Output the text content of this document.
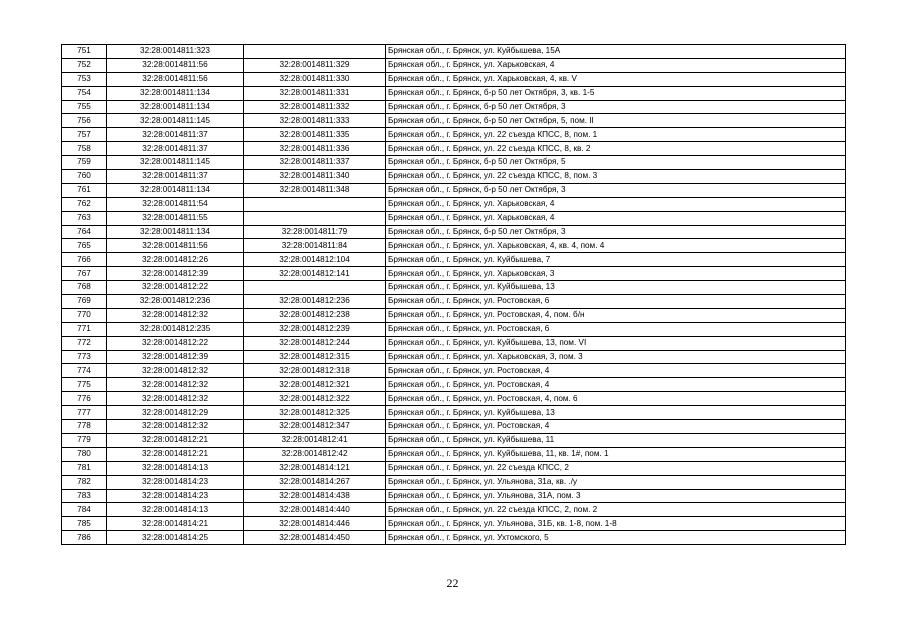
751	32:28:0014811:323		Брянская обл., г. Брянск, ул. Куйбышева, 15А
752	32:28:0014811:56	32:28:0014811:329	Брянская обл., г. Брянск, ул. Харьковская, 4
753	32:28:0014811:56	32:28:0014811:330	Брянская обл., г. Брянск, ул. Харьковская, 4, кв. V
754	32:28:0014811:134	32:28:0014811:331	Брянская обл., г. Брянск, б-р 50 лет Октября, 3, кв. 1-5
755	32:28:0014811:134	32:28:0014811:332	Брянская обл., г. Брянск, б-р 50 лет Октября, 3
756	32:28:0014811:145	32:28:0014811:333	Брянская обл., г. Брянск, б-р 50 лет Октября, 5, пом. II
757	32:28:0014811:37	32:28:0014811:335	Брянская обл., г. Брянск, ул. 22 съезда КПСС, 8, пом. 1
758	32:28:0014811:37	32:28:0014811:336	Брянская обл., г. Брянск, ул. 22 съезда КПСС, 8, кв. 2
759	32:28:0014811:145	32:28:0014811:337	Брянская обл., г. Брянск, б-р 50 лет Октября, 5
760	32:28:0014811:37	32:28:0014811:340	Брянская обл., г. Брянск, ул. 22 съезда КПСС, 8, пом. 3
761	32:28:0014811:134	32:28:0014811:348	Брянская обл., г. Брянск, б-р 50 лет Октября, 3
762	32:28:0014811:54		Брянская обл., г. Брянск, ул. Харьковская, 4
763	32:28:0014811:55		Брянская обл., г. Брянск, ул. Харьковская, 4
764	32:28:0014811:134	32:28:0014811:79	Брянская обл., г. Брянск, б-р 50 лет Октября, 3
765	32:28:0014811:56	32:28:0014811:84	Брянская обл., г. Брянск, ул. Харьковская, 4, кв. 4, пом. 4
766	32:28:0014812:26	32:28:0014812:104	Брянская обл., г. Брянск, ул. Куйбышева, 7
767	32:28:0014812:39	32:28:0014812:141	Брянская обл., г. Брянск, ул. Харьковская, 3
768	32:28:0014812:22		Брянская обл., г. Брянск, ул. Куйбышева, 13
769	32:28:0014812:236	32:28:0014812:236	Брянская обл., г. Брянск, ул. Ростовская, 6
770	32:28:0014812:32	32:28:0014812:238	Брянская обл., г. Брянск, ул. Ростовская, 4, пом. б/н
771	32:28:0014812:235	32:28:0014812:239	Брянская обл., г. Брянск, ул. Ростовская, 6
772	32:28:0014812:22	32:28:0014812:244	Брянская обл., г. Брянск, ул. Куйбышева, 13, пом. VI
773	32:28:0014812:39	32:28:0014812:315	Брянская обл., г. Брянск, ул. Харьковская, 3, пом. 3
774	32:28:0014812:32	32:28:0014812:318	Брянская обл., г. Брянск, ул. Ростовская, 4
775	32:28:0014812:32	32:28:0014812:321	Брянская обл., г. Брянск, ул. Ростовская, 4
776	32:28:0014812:32	32:28:0014812:322	Брянская обл., г. Брянск, ул. Ростовская, 4, пом. 6
777	32:28:0014812:29	32:28:0014812:325	Брянская обл., г. Брянск, ул. Куйбышева, 13
778	32:28:0014812:32	32:28:0014812:347	Брянская обл., г. Брянск, ул. Ростовская, 4
779	32:28:0014812:21	32:28:0014812:41	Брянская обл., г. Брянск, ул. Куйбышева, 11
780	32:28:0014812:21	32:28:0014812:42	Брянская обл., г. Брянск, ул. Куйбышева, 11, кв. 1#, пом. 1
781	32:28:0014814:13	32:28:0014814:121	Брянская обл., г. Брянск, ул. 22 съезда КПСС, 2
782	32:28:0014814:23	32:28:0014814:267	Брянская обл., г. Брянск, ул. Ульянова, 31а, кв. ./у
783	32:28:0014814:23	32:28:0014814:438	Брянская обл., г. Брянск, ул. Ульянова, 31А, пом. 3
784	32:28:0014814:13	32:28:0014814:440	Брянская обл., г. Брянск, ул. 22 съезда КПСС, 2, пом. 2
785	32:28:0014814:21	32:28:0014814:446	Брянская обл., г. Брянск, ул. Ульянова, 31Б, кв. 1-8, пом. 1-8
786	32:28:0014814:25	32:28:0014814:450	Брянская обл., г. Брянск, ул. Ухтомского, 5
22
